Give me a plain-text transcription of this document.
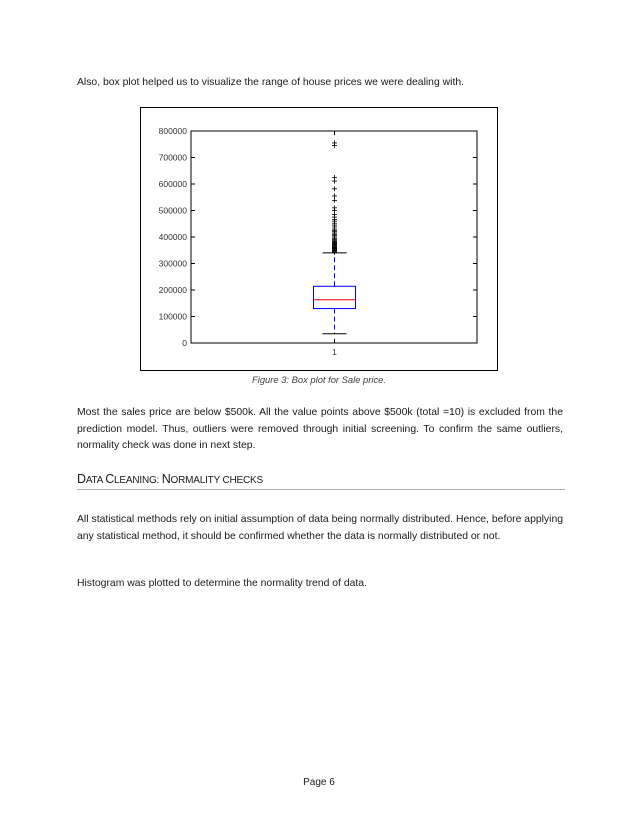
Also, box plot helped us to visualize the range of house prices we were dealing with.

0
100000
200000
300000
400000
500000
600000
700000
800000
1
Figure 3: Box plot for Sale price.

Most the sales price are below $500k. All the value points above $500k (total =10) is excluded from the prediction model. Thus, outliers were removed through initial screening. To confirm the same outliers, normality check was done in next step.

DATA CLEANING: NORMALITY CHECKS

All statistical methods rely on initial assumption of data being normally distributed. Hence, before applying any statistical method, it should be confirmed whether the data is normally distributed or not.

Histogram was plotted to determine the normality trend of data.

Page 6
